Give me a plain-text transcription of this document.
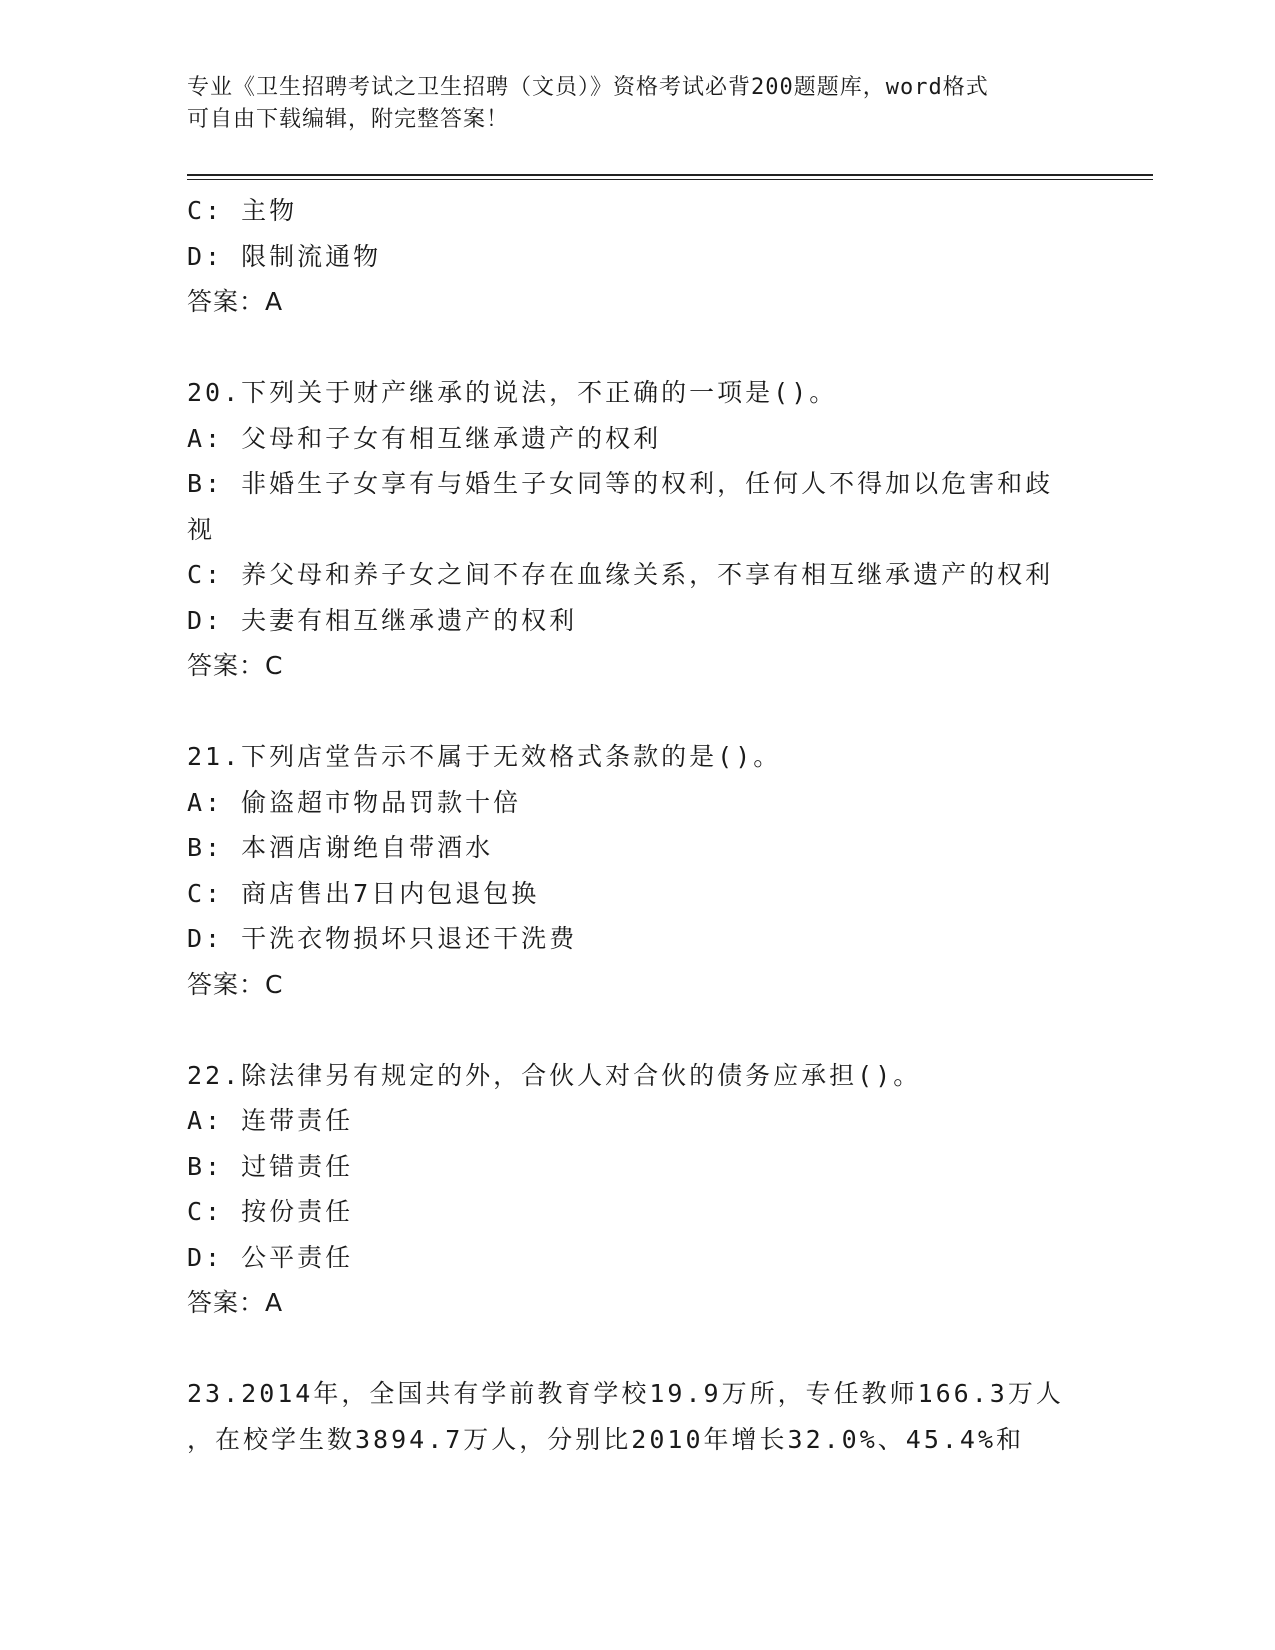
专业《卫生招聘考试之卫生招聘（文员）》资格考试必背200题题库，word格式
可自由下载编辑，附完整答案！
C: 主物
D: 限制流通物
答案：A
20.下列关于财产继承的说法，不正确的一项是()。
A: 父母和子女有相互继承遗产的权利
B: 非婚生子女享有与婚生子女同等的权利，任何人不得加以危害和歧
视
C: 养父母和养子女之间不存在血缘关系，不享有相互继承遗产的权利
D: 夫妻有相互继承遗产的权利
答案：C
21.下列店堂告示不属于无效格式条款的是()。
A: 偷盗超市物品罚款十倍
B: 本酒店谢绝自带酒水
C: 商店售出7日内包退包换
D: 干洗衣物损坏只退还干洗费
答案：C
22.除法律另有规定的外，合伙人对合伙的债务应承担()。
A: 连带责任
B: 过错责任
C: 按份责任
D: 公平责任
答案：A
23.2014年，全国共有学前教育学校19.9万所，专任教师166.3万人
，在校学生数3894.7万人，分别比2010年增长32.0%、45.4%和
